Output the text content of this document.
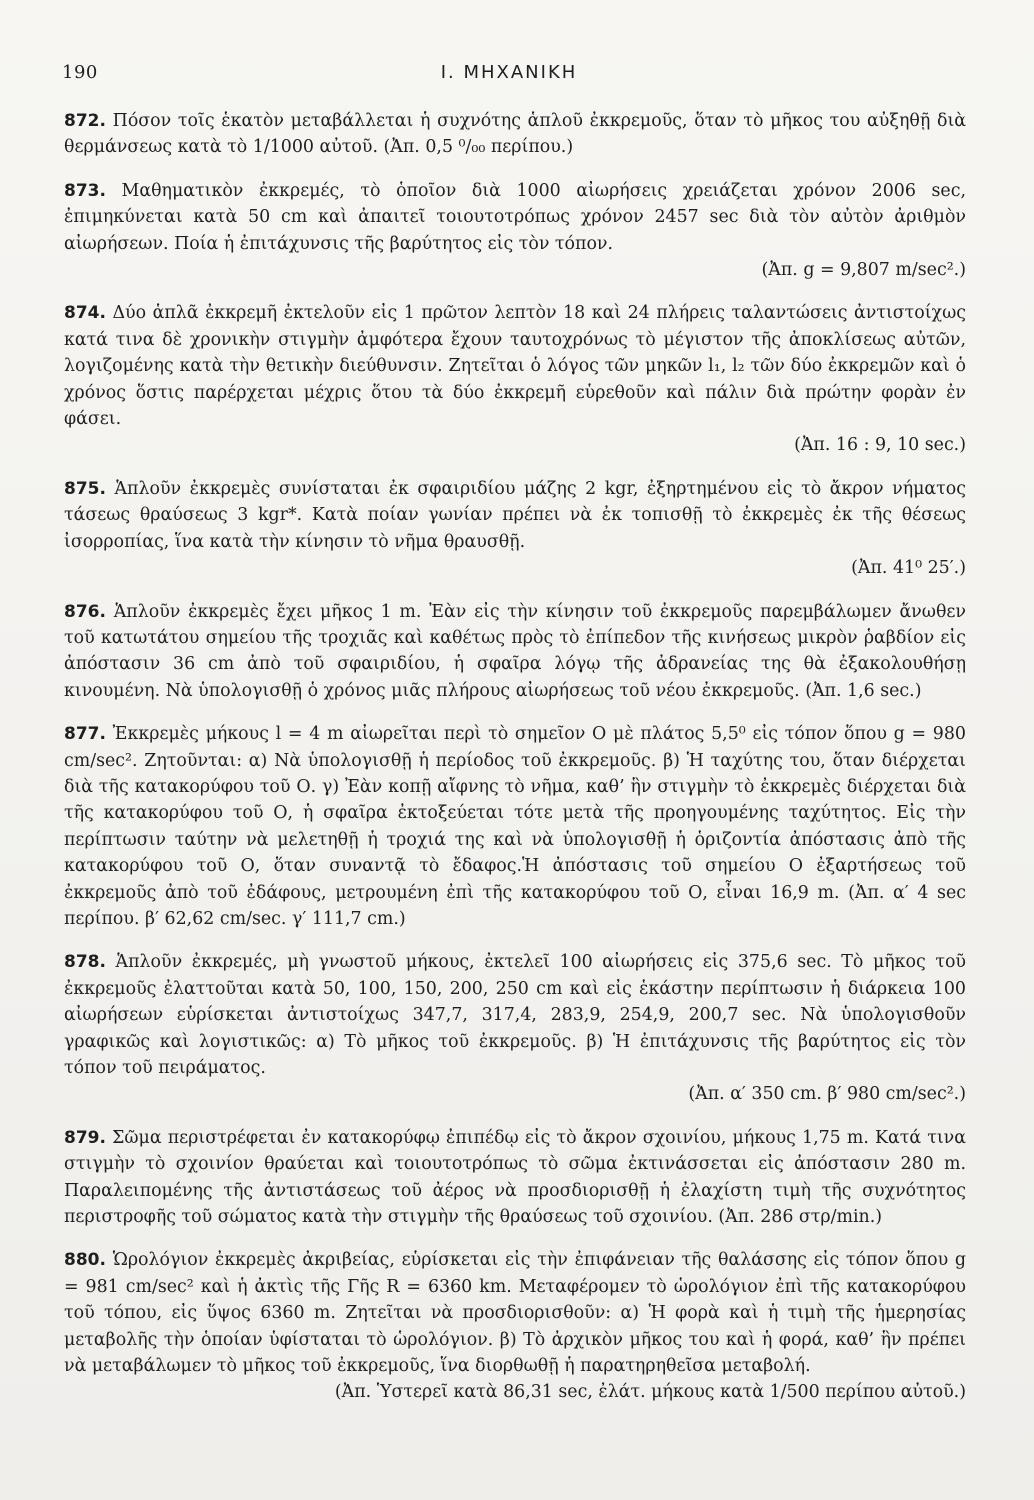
190	Ι. ΜΗΧΑΝΙΚΗ

872. Πόσον τοῖς ἑκατὸν μεταβάλλεται ἡ συχνότης ἁπλοῦ ἐκκρεμοῦς, ὅταν τὸ μῆκος του αὐξηθῇ διὰ θερμάνσεως κατὰ τὸ 1/1000 αὐτοῦ. (Ἀπ. 0,5 ⁰/₀₀ περίπου.)

873. Μαθηματικὸν ἐκκρεμές, τὸ ὁποῖον διὰ 1000 αἰωρήσεις χρειάζεται χρόνον 2006 sec, ἐπιμηκύνεται κατὰ 50 cm καὶ ἀπαιτεῖ τοιουτοτρόπως χρόνον 2457 sec διὰ τὸν αὐτὸν ἀριθμὸν αἰωρήσεων. Ποία ἡ ἐπιτάχυνσις τῆς βαρύτητος εἰς τὸν τόπον.
(Ἀπ. g = 9,807 m/sec².)

874. Δύο ἁπλᾶ ἐκκρεμῆ ἐκτελοῦν εἰς 1 πρῶτον λεπτὸν 18 καὶ 24 πλήρεις ταλαντώσεις ἀντιστοίχως κατά τινα δὲ χρονικὴν στιγμὴν ἀμφότερα ἔχουν ταυτοχρόνως τὸ μέγιστον τῆς ἀποκλίσεως αὐτῶν, λογιζομένης κατὰ τὴν θετικὴν διεύθυνσιν. Ζητεῖται ὁ λόγος τῶν μηκῶν l₁, l₂ τῶν δύο ἐκκρεμῶν καὶ ὁ χρόνος ὅστις παρέρχεται μέχρις ὅτου τὰ δύο ἐκκρεμῆ εὑρεθοῦν καὶ πάλιν διὰ πρώτην φορὰν ἐν φάσει.
(Ἀπ. 16 : 9, 10 sec.)

875. Ἁπλοῦν ἐκκρεμὲς συνίσταται ἐκ σφαιριδίου μάζης 2 kgr, ἐξηρτημένου εἰς τὸ ἄκρον νήματος τάσεως θραύσεως 3 kgr*. Κατὰ ποίαν γωνίαν πρέπει νὰ ἐκ τοπισθῇ τὸ ἐκκρεμὲς ἐκ τῆς θέσεως ἰσορροπίας, ἵνα κατὰ τὴν κίνησιν τὸ νῆμα θραυσθῇ.
(Ἀπ. 41⁰ 25′.)

876. Ἁπλοῦν ἐκκρεμὲς ἔχει μῆκος 1 m. Ἐὰν εἰς τὴν κίνησιν τοῦ ἐκκρεμοῦς παρεμβάλωμεν ἄνωθεν τοῦ κατωτάτου σημείου τῆς τροχιᾶς καὶ καθέτως πρὸς τὸ ἐπίπεδον τῆς κινήσεως μικρὸν ῥαβδίον εἰς ἀπόστασιν 36 cm ἀπὸ τοῦ σφαιριδίου, ἡ σφαῖρα λόγῳ τῆς ἀδρανείας της θὰ ἐξακολουθήσῃ κινουμένη. Νὰ ὑπολογισθῇ ὁ χρόνος μιᾶς πλήρους αἰωρήσεως τοῦ νέου ἐκκρεμοῦς. (Ἀπ. 1,6 sec.)

877. Ἐκκρεμὲς μήκους l = 4 m αἰωρεῖται περὶ τὸ σημεῖον Ο μὲ πλάτος 5,5⁰ εἰς τόπον ὅπου g = 980 cm/sec². Ζητοῦνται: α) Νὰ ὑπολογισθῇ ἡ περίοδος τοῦ ἐκκρεμοῦς. β) Ἡ ταχύτης του, ὅταν διέρχεται διὰ τῆς κατακορύφου τοῦ Ο. γ) Ἐὰν κοπῇ αἴφνης τὸ νῆμα, καθ’ ἣν στιγμὴν τὸ ἐκκρεμὲς διέρχεται διὰ τῆς κατακορύφου τοῦ Ο, ἡ σφαῖρα ἐκτοξεύεται τότε μετὰ τῆς προηγουμένης ταχύτητος. Εἰς τὴν περίπτωσιν ταύτην νὰ μελετηθῇ ἡ τροχιά της καὶ νὰ ὑπολογισθῇ ἡ ὁριζοντία ἀπόστασις ἀπὸ τῆς κατακορύφου τοῦ Ο, ὅταν συναντᾷ τὸ ἔδαφος.Ἡ ἀπόστασις τοῦ σημείου Ο ἐξαρτήσεως τοῦ ἐκκρεμοῦς ἀπὸ τοῦ ἐδάφους, μετρουμένη ἐπὶ τῆς κατακορύφου τοῦ Ο, εἶναι 16,9 m. (Ἀπ. α′ 4 sec περίπου. β′ 62,62 cm/sec. γ′ 111,7 cm.)

878. Ἁπλοῦν ἐκκρεμές, μὴ γνωστοῦ μήκους, ἐκτελεῖ 100 αἰωρήσεις εἰς 375,6 sec. Τὸ μῆκος τοῦ ἐκκρεμοῦς ἐλαττοῦται κατὰ 50, 100, 150, 200, 250 cm καὶ εἰς ἑκάστην περίπτωσιν ἡ διάρκεια 100 αἰωρήσεων εὑρίσκεται ἀντιστοίχως 347,7, 317,4, 283,9, 254,9, 200,7 sec. Νὰ ὑπολογισθοῦν γραφικῶς καὶ λογιστικῶς: α) Τὸ μῆκος τοῦ ἐκκρεμοῦς. β) Ἡ ἐπιτάχυνσις τῆς βαρύτητος εἰς τὸν τόπον τοῦ πειράματος.
(Ἀπ. α′ 350 cm. β′ 980 cm/sec².)

879. Σῶμα περιστρέφεται ἐν κατακορύφῳ ἐπιπέδῳ εἰς τὸ ἄκρον σχοινίου, μήκους 1,75 m. Κατά τινα στιγμὴν τὸ σχοινίον θραύεται καὶ τοιουτοτρόπως τὸ σῶμα ἐκτινάσσεται εἰς ἀπόστασιν 280 m. Παραλειπομένης τῆς ἀντιστάσεως τοῦ ἀέρος νὰ προσδιορισθῇ ἡ ἐλαχίστη τιμὴ τῆς συχνότητος περιστροφῆς τοῦ σώματος κατὰ τὴν στιγμὴν τῆς θραύσεως τοῦ σχοινίου. (Ἀπ. 286 στρ/min.)

880. Ὡρολόγιον ἐκκρεμὲς ἀκριβείας, εὑρίσκεται εἰς τὴν ἐπιφάνειαν τῆς θαλάσσης εἰς τόπον ὅπου g = 981 cm/sec² καὶ ἡ ἀκτὶς τῆς Γῆς R = 6360 km. Μεταφέρομεν τὸ ὡρολόγιον ἐπὶ τῆς κατακορύφου τοῦ τόπου, εἰς ὕψος 6360 m. Ζητεῖται νὰ προσδιορισθοῦν: α) Ἡ φορὰ καὶ ἡ τιμὴ τῆς ἡμερησίας μεταβολῆς τὴν ὁποίαν ὑφίσταται τὸ ὡρολόγιον. β) Τὸ ἀρχικὸν μῆκος του καὶ ἡ φορά, καθ’ ἣν πρέπει νὰ μεταβάλωμεν τὸ μῆκος τοῦ ἐκκρεμοῦς, ἵνα διορθωθῇ ἡ παρατηρηθεῖσα μεταβολή.
(Ἀπ. Ὑστερεῖ κατὰ 86,31 sec, ἐλάτ. μήκους κατὰ 1/500 περίπου αὐτοῦ.)
